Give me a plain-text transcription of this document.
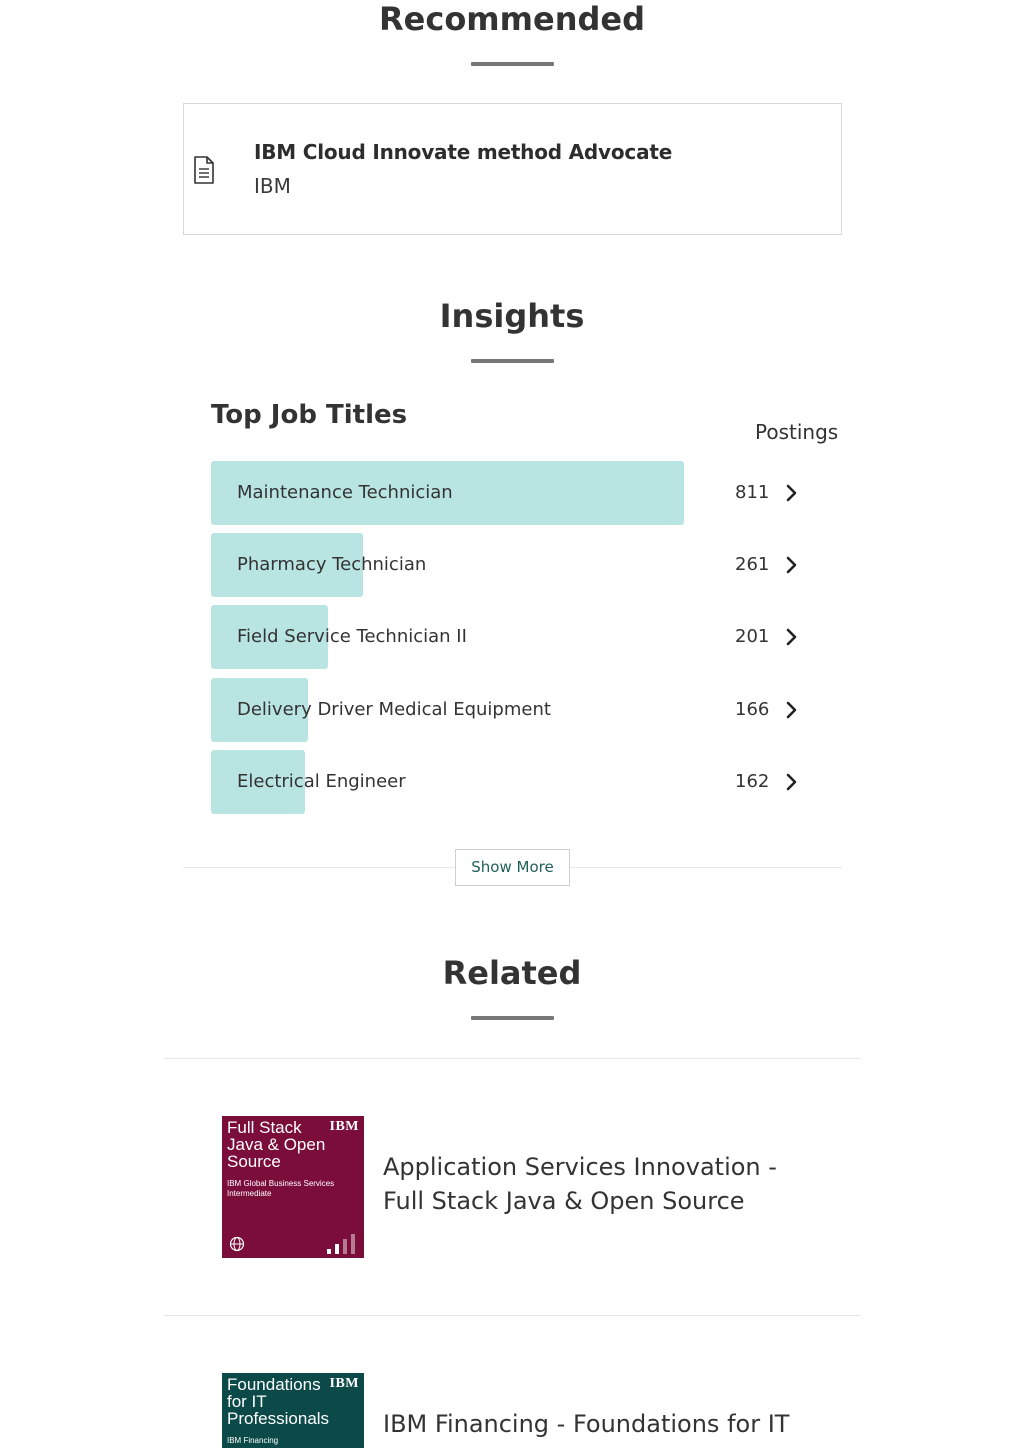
Recommended
IBM Cloud Innovate method Advocate
IBM
Insights
Top Job Titles
Postings
Maintenance Technician	811
Pharmacy Technician	261
Field Service Technician II	201
Delivery Driver Medical Equipment	166
Electrical Engineer	162
Show More
Related
Full Stack Java & Open Source
IBM
IBM Global Business Services
Intermediate
Application Services Innovation - Full Stack Java & Open Source
Foundations for IT Professionals
IBM
IBM Financing
IBM Financing - Foundations for IT
